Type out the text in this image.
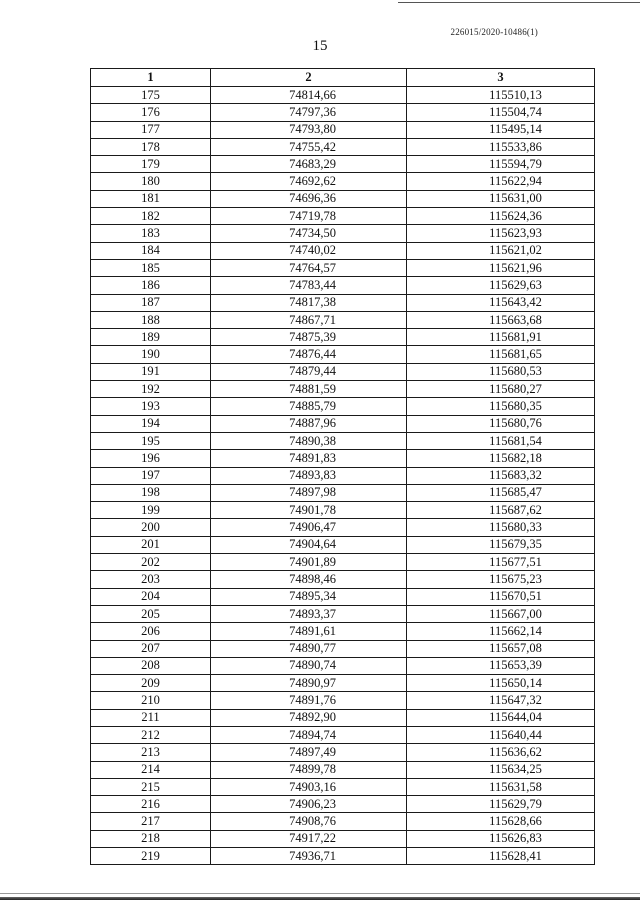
226015/2020-10486(1)
15
1	2	3
175	74814,66	115510,13
176	74797,36	115504,74
177	74793,80	115495,14
178	74755,42	115533,86
179	74683,29	115594,79
180	74692,62	115622,94
181	74696,36	115631,00
182	74719,78	115624,36
183	74734,50	115623,93
184	74740,02	115621,02
185	74764,57	115621,96
186	74783,44	115629,63
187	74817,38	115643,42
188	74867,71	115663,68
189	74875,39	115681,91
190	74876,44	115681,65
191	74879,44	115680,53
192	74881,59	115680,27
193	74885,79	115680,35
194	74887,96	115680,76
195	74890,38	115681,54
196	74891,83	115682,18
197	74893,83	115683,32
198	74897,98	115685,47
199	74901,78	115687,62
200	74906,47	115680,33
201	74904,64	115679,35
202	74901,89	115677,51
203	74898,46	115675,23
204	74895,34	115670,51
205	74893,37	115667,00
206	74891,61	115662,14
207	74890,77	115657,08
208	74890,74	115653,39
209	74890,97	115650,14
210	74891,76	115647,32
211	74892,90	115644,04
212	74894,74	115640,44
213	74897,49	115636,62
214	74899,78	115634,25
215	74903,16	115631,58
216	74906,23	115629,79
217	74908,76	115628,66
218	74917,22	115626,83
219	74936,71	115628,41
